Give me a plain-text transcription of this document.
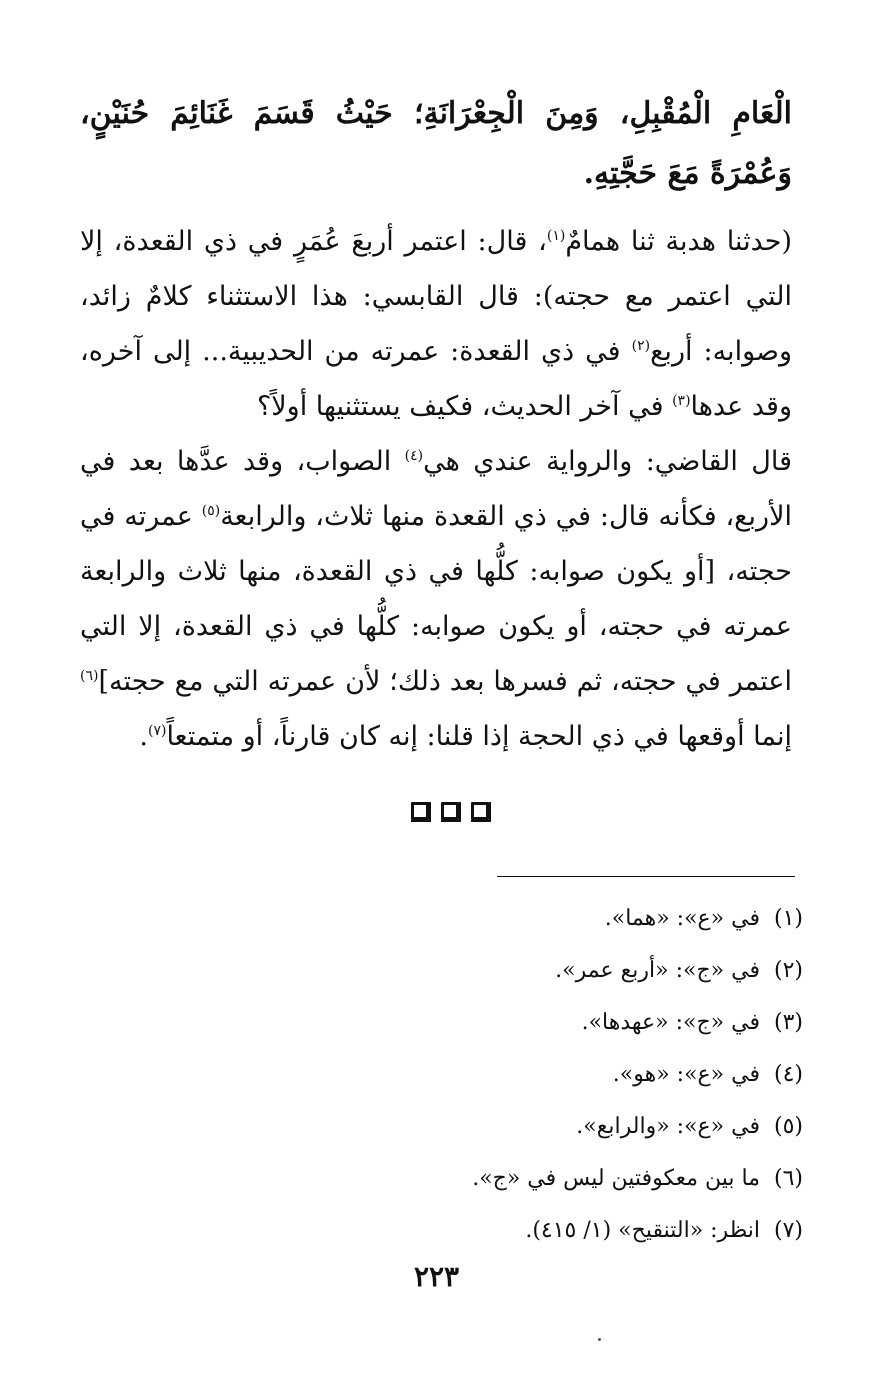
الْعَامِ الْمُقْبِلِ، وَمِنَ الْجِعْرَانَةِ؛ حَيْثُ قَسَمَ غَنَائِمَ حُنَيْنٍ، وَعُمْرَةً مَعَ حَجَّتِهِ.

(حدثنا هدبة ثنا همامٌ$^{(١)}$، قال: اعتمر أربعَ عُمَرٍ في ذي القعدة، إلا التي اعتمر مع حجته): قال القابسي: هذا الاستثناء كلامٌ زائد، وصوابه: أربع$^{(٢)}$ في ذي القعدة: عمرته من الحديبية... إلى آخره، وقد عدها$^{(٣)}$ في آخر الحديث، فكيف يستثنيها أولاً؟

قال القاضي: والرواية عندي هي$^{(٤)}$ الصواب، وقد عدَّها بعد في الأربع، فكأنه قال: في ذي القعدة منها ثلاث، والرابعة$^{(٥)}$ عمرته في حجته، [أو يكون صوابه: كلُّها في ذي القعدة، منها ثلاث والرابعة عمرته في حجته، أو يكون صوابه: كلُّها في ذي القعدة، إلا التي اعتمر في حجته، ثم فسرها بعد ذلك؛ لأن عمرته التي مع حجته]$^{(٦)}$ إنما أوقعها في ذي الحجة إذا قلنا: إنه كان قارناً، أو متمتعاً$^{(٧)}$.

(١)في «ع»: «هما».
(٢)في «ج»: «أربع عمر».
(٣)في «ج»: «عهدها».
(٤)في «ع»: «هو».
(٥)في «ع»: «والرابع».
(٦)ما بين معكوفتين ليس في «ج».
(٧)انظر: «التنقيح» (١/ ٤١٥).
٢٢٣
